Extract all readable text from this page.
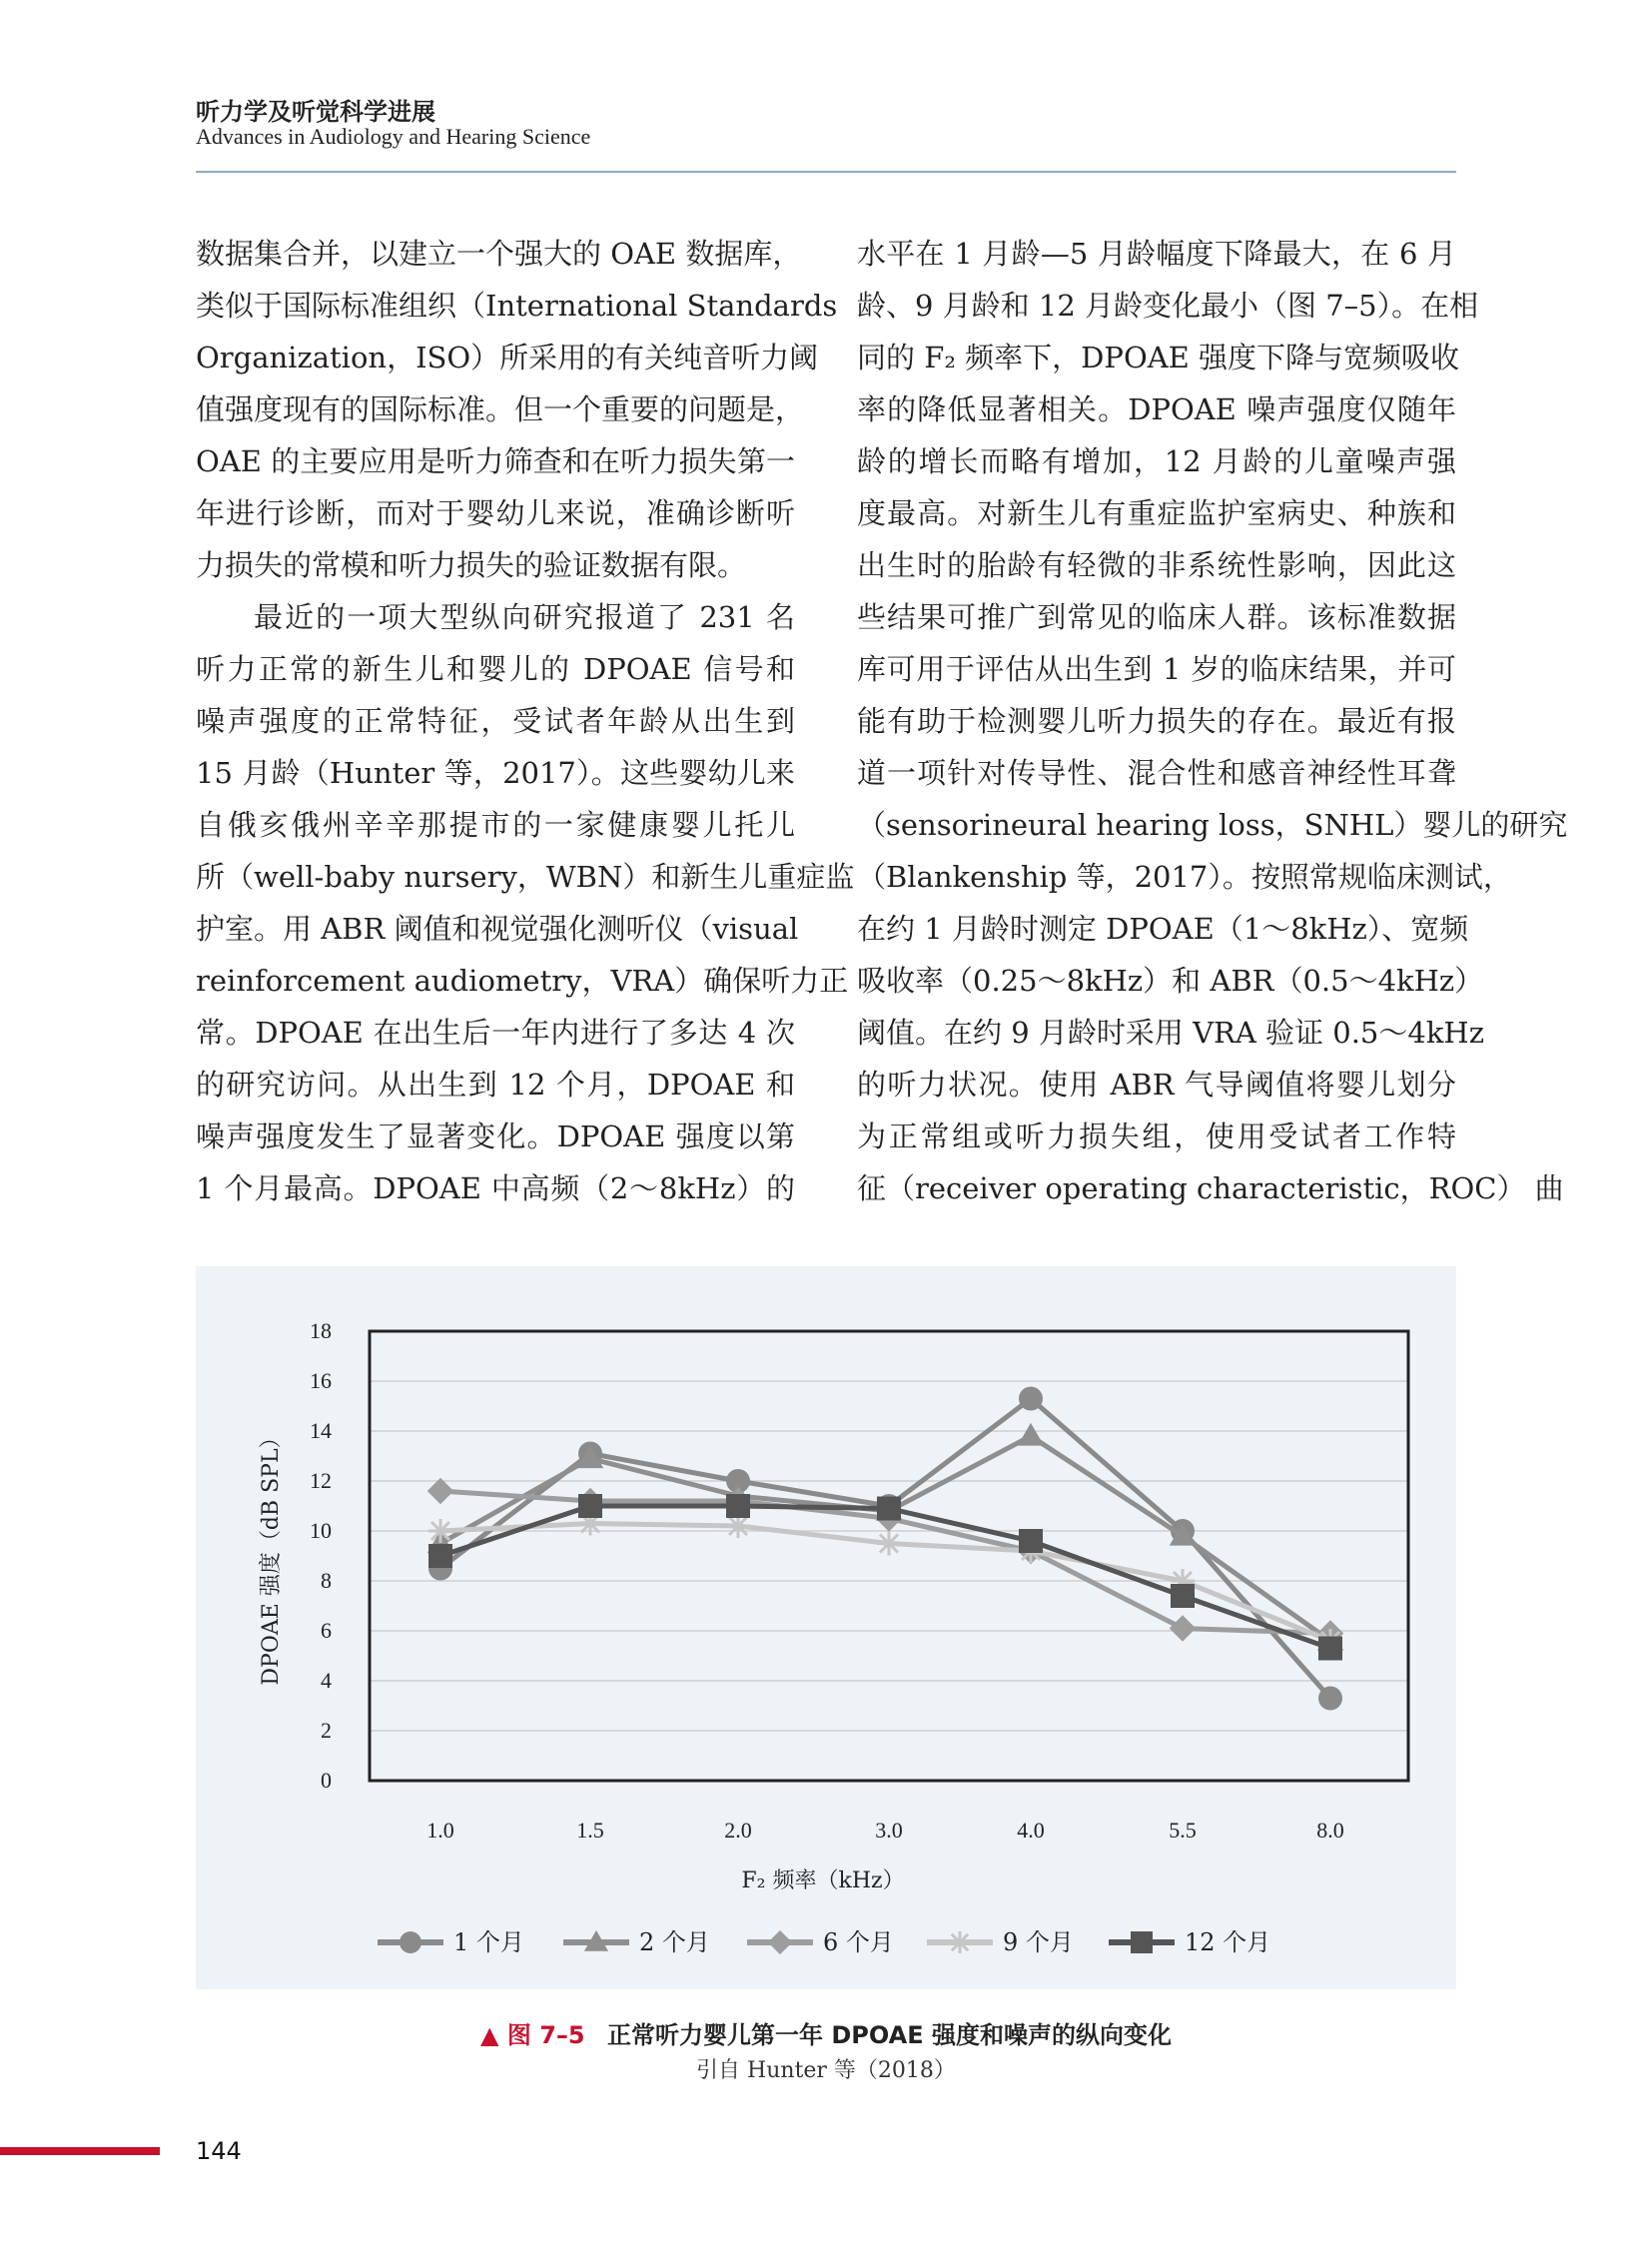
听力学及听觉科学进展
Advances in Audiology and Hearing Science
数据集合并，以建立一个强大的 OAE 数据库，
类似于国际标准组织（International Standards
Organization，ISO）所采用的有关纯音听力阈
值强度现有的国际标准。但一个重要的问题是，
OAE 的主要应用是听力筛查和在听力损失第一
年进行诊断，而对于婴幼儿来说，准确诊断听
力损失的常模和听力损失的验证数据有限。
最近的一项大型纵向研究报道了 231 名
听力正常的新生儿和婴儿的 DPOAE 信号和
噪声强度的正常特征，受试者年龄从出生到
15 月龄（Hunter 等，2017）。这些婴幼儿来
自俄亥俄州辛辛那提市的一家健康婴儿托儿
所（well-baby nursery，WBN）和新生儿重症监
护室。用 ABR 阈值和视觉强化测听仪（visual
reinforcement audiometry，VRA）确保听力正
常。DPOAE 在出生后一年内进行了多达 4 次
的研究访问。从出生到 12 个月，DPOAE 和
噪声强度发生了显著变化。DPOAE 强度以第
1 个月最高。DPOAE 中高频（2～8kHz）的
水平在 1 月龄—5 月龄幅度下降最大，在 6 月
龄、9 月龄和 12 月龄变化最小（图 7–5）。在相
同的 F₂ 频率下，DPOAE 强度下降与宽频吸收
率的降低显著相关。DPOAE 噪声强度仅随年
龄的增长而略有增加，12 月龄的儿童噪声强
度最高。对新生儿有重症监护室病史、种族和
出生时的胎龄有轻微的非系统性影响，因此这
些结果可推广到常见的临床人群。该标准数据
库可用于评估从出生到 1 岁的临床结果，并可
能有助于检测婴儿听力损失的存在。最近有报
道一项针对传导性、混合性和感音神经性耳聋
（sensorineural hearing loss，SNHL）婴儿的研究
（Blankenship 等，2017）。按照常规临床测试，
在约 1 月龄时测定 DPOAE（1～8kHz）、宽频
吸收率（0.25～8kHz）和 ABR（0.5～4kHz）
阈值。在约 9 月龄时采用 VRA 验证 0.5～4kHz
的听力状况。使用 ABR 气导阈值将婴儿划分
为正常组或听力损失组，使用受试者工作特
征（receiver operating characteristic，ROC） 曲
0
2
4
6
8
10
12
14
16
18
1.0	1.5	2.0	3.0	4.0	5.5	8.0
DPOAE 强度（dB SPL）
F₂ 频率（kHz）
1 个月	2 个月	6 个月	9 个月	12 个月
▲ 图 7–5 正常听力婴儿第一年 DPOAE 强度和噪声的纵向变化
引自 Hunter 等（2018）
144
